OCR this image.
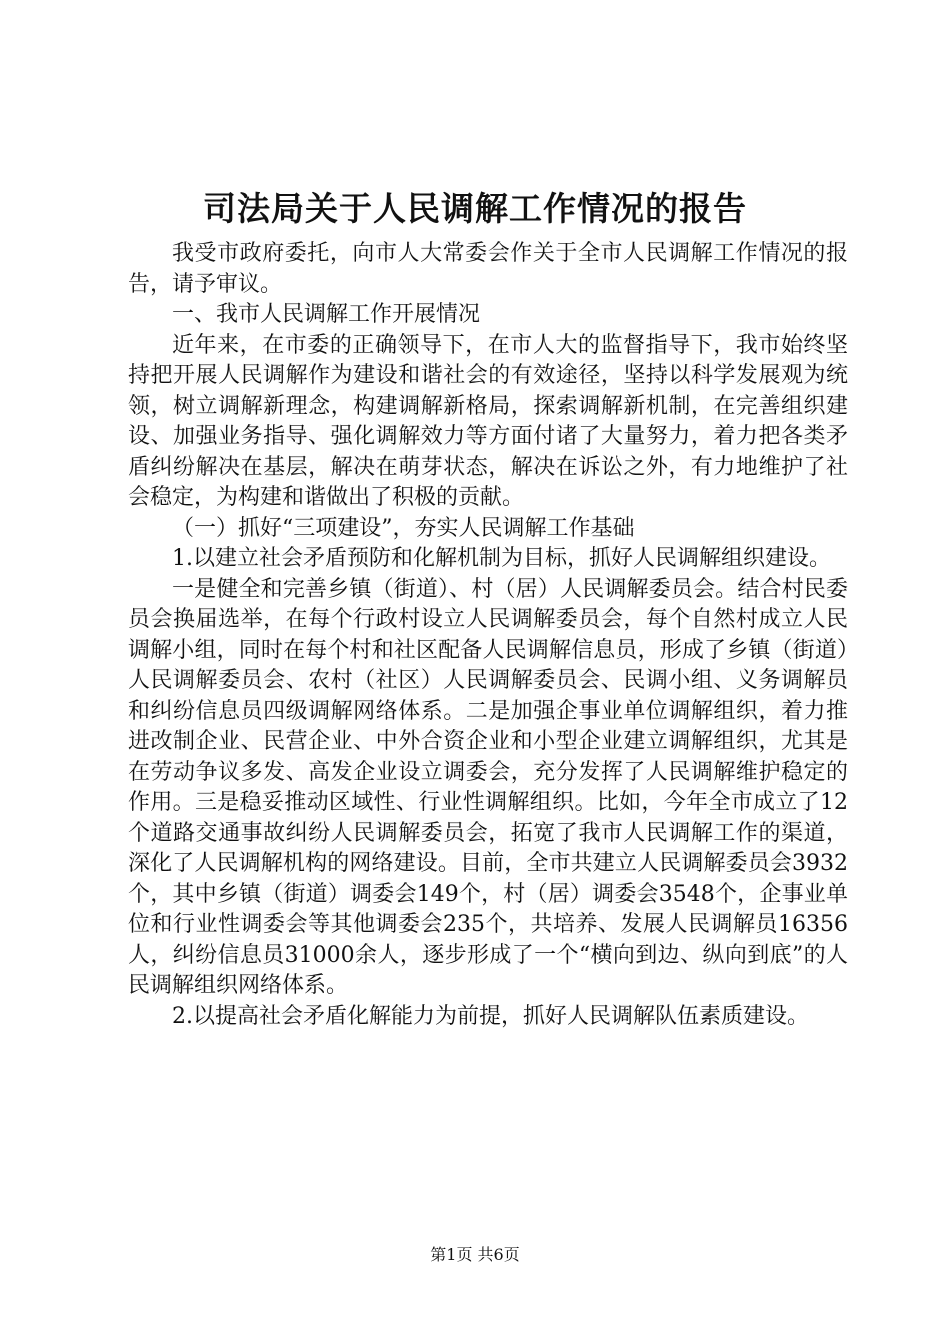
司法局关于人民调解工作情况的报告

我受市政府委托，向市人大常委会作关于全市人民调解工作情况的报告，请予审议。

一、我市人民调解工作开展情况

近年来，在市委的正确领导下，在市人大的监督指导下，我市始终坚持把开展人民调解作为建设和谐社会的有效途径，坚持以科学发展观为统领，树立调解新理念，构建调解新格局，探索调解新机制，在完善组织建设、加强业务指导、强化调解效力等方面付诸了大量努力，着力把各类矛盾纠纷解决在基层，解决在萌芽状态，解决在诉讼之外，有力地维护了社会稳定，为构建和谐做出了积极的贡献。

（一）抓好“三项建设”，夯实人民调解工作基础

1.以建立社会矛盾预防和化解机制为目标，抓好人民调解组织建设。

一是健全和完善乡镇（街道）、村（居）人民调解委员会。结合村民委员会换届选举，在每个行政村设立人民调解委员会，每个自然村成立人民调解小组，同时在每个村和社区配备人民调解信息员，形成了乡镇（街道）人民调解委员会、农村（社区）人民调解委员会、民调小组、义务调解员和纠纷信息员四级调解网络体系。二是加强企事业单位调解组织，着力推进改制企业、民营企业、中外合资企业和小型企业建立调解组织，尤其是在劳动争议多发、高发企业设立调委会，充分发挥了人民调解维护稳定的作用。三是稳妥推动区域性、行业性调解组织。比如，今年全市成立了12个道路交通事故纠纷人民调解委员会，拓宽了我市人民调解工作的渠道，深化了人民调解机构的网络建设。目前，全市共建立人民调解委员会3932个，其中乡镇（街道）调委会149个，村（居）调委会3548个，企事业单位和行业性调委会等其他调委会235个，共培养、发展人民调解员16356人，纠纷信息员31000余人，逐步形成了一个“横向到边、纵向到底”的人民调解组织网络体系。

2.以提高社会矛盾化解能力为前提，抓好人民调解队伍素质建设。

第1页 共6页
